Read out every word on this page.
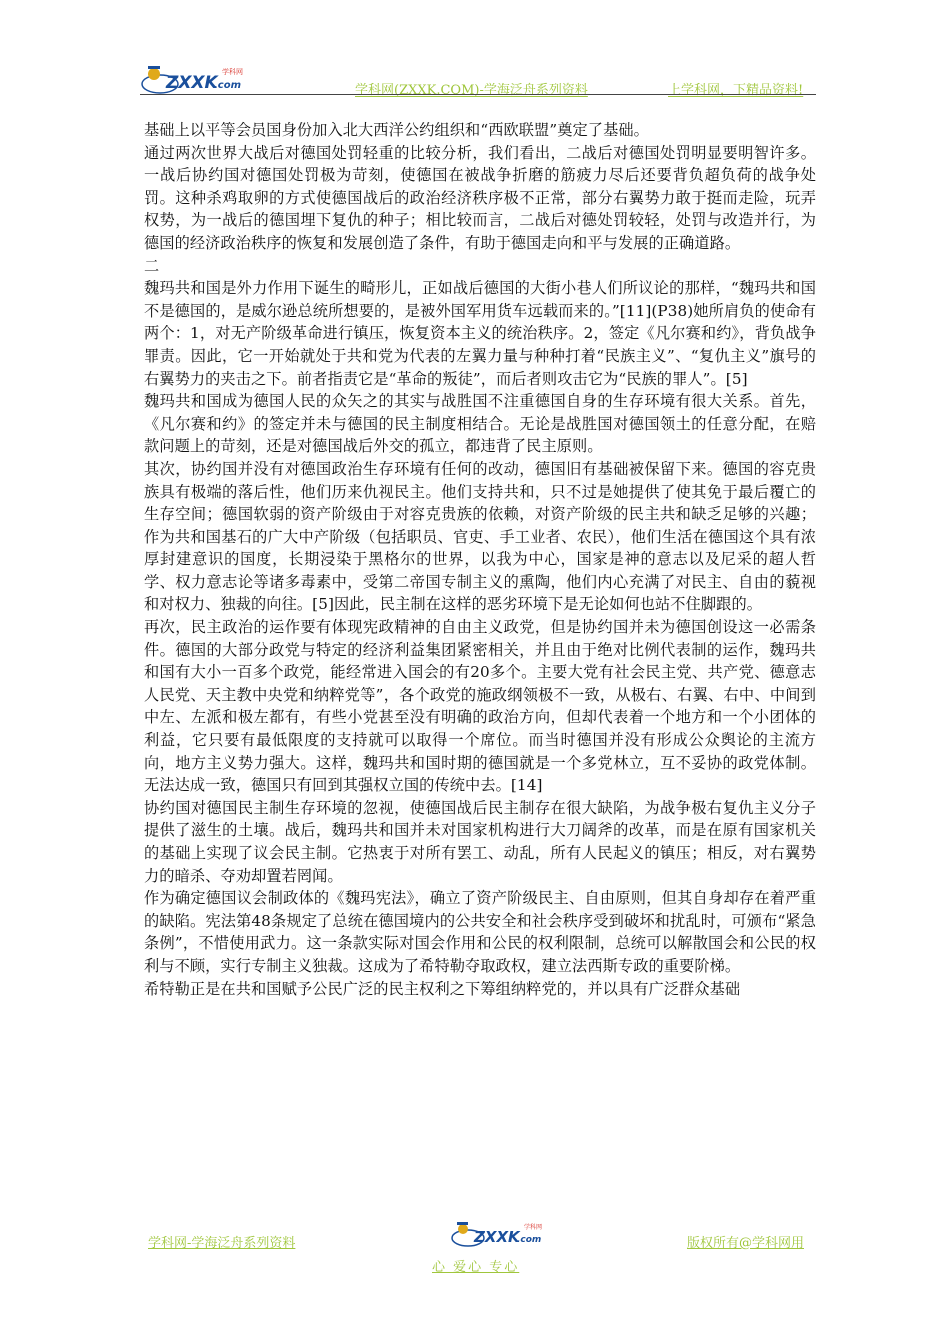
ZXXK
.com
学科网
学科网(ZXXK.COM)-学海泛舟系列资料	上学科网，下精品资料!

基础上以平等会员国身份加入北大西洋公约组织和“西欧联盟”奠定了基础。

通过两次世界大战后对德国处罚轻重的比较分析，我们看出，二战后对德国处罚明显要明智许多。一战后协约国对德国处罚极为苛刻，使德国在被战争折磨的筋疲力尽后还要背负超负荷的战争处罚。这种杀鸡取卵的方式使德国战后的政治经济秩序极不正常，部分右翼势力敢于挺而走险，玩弄权势，为一战后的德国埋下复仇的种子；相比较而言，二战后对德处罚较轻，处罚与改造并行，为德国的经济政治秩序的恢复和发展创造了条件，有助于德国走向和平与发展的正确道路。

二

魏玛共和国是外力作用下诞生的畸形儿，正如战后德国的大街小巷人们所议论的那样，“魏玛共和国不是德国的，是威尔逊总统所想要的，是被外国军用货车远载而来的。”[11](P38)她所肩负的使命有两个：1，对无产阶级革命进行镇压，恢复资本主义的统治秩序。2，签定《凡尔赛和约》，背负战争罪责。因此，它一开始就处于共和党为代表的左翼力量与种种打着“民族主义”、“复仇主义”旗号的右翼势力的夹击之下。前者指责它是“革命的叛徒”，而后者则攻击它为“民族的罪人”。[5]

魏玛共和国成为德国人民的众矢之的其实与战胜国不注重德国自身的生存环境有很大关系。首先，《凡尔赛和约》的签定并未与德国的民主制度相结合。无论是战胜国对德国领土的任意分配，在赔款问题上的苛刻，还是对德国战后外交的孤立，都违背了民主原则。

其次，协约国并没有对德国政治生存环境有任何的改动，德国旧有基础被保留下来。德国的容克贵族具有极端的落后性，他们历来仇视民主。他们支持共和，只不过是她提供了使其免于最后覆亡的生存空间；德国软弱的资产阶级由于对容克贵族的依赖，对资产阶级的民主共和缺乏足够的兴趣；作为共和国基石的广大中产阶级（包括职员、官吏、手工业者、农民），他们生活在德国这个具有浓厚封建意识的国度，长期浸染于黑格尔的世界，以我为中心，国家是神的意志以及尼采的超人哲学、权力意志论等诸多毒素中，受第二帝国专制主义的熏陶，他们内心充满了对民主、自由的藐视和对权力、独裁的向往。[5]因此，民主制在这样的恶劣环境下是无论如何也站不住脚跟的。

再次，民主政治的运作要有体现宪政精神的自由主义政党，但是协约国并未为德国创设这一必需条件。德国的大部分政党与特定的经济利益集团紧密相关，并且由于绝对比例代表制的运作，魏玛共和国有大小一百多个政党，能经常进入国会的有20多个。主要大党有社会民主党、共产党、德意志人民党、天主教中央党和纳粹党等”，各个政党的施政纲领极不一致，从极右、右翼、右中、中间到中左、左派和极左都有，有些小党甚至没有明确的政治方向，但却代表着一个地方和一个小团体的利益，它只要有最低限度的支持就可以取得一个席位。而当时德国并没有形成公众舆论的主流方向，地方主义势力强大。这样，魏玛共和国时期的德国就是一个多党林立，互不妥协的政党体制。无法达成一致，德国只有回到其强权立国的传统中去。[14]

协约国对德国民主制生存环境的忽视，使德国战后民主制存在很大缺陷，为战争极右复仇主义分子提供了滋生的土壤。战后，魏玛共和国并未对国家机构进行大刀阔斧的改革，而是在原有国家机关的基础上实现了议会民主制。它热衷于对所有罢工、动乱，所有人民起义的镇压；相反，对右翼势力的暗杀、夺劝却置若罔闻。

作为确定德国议会制政体的《魏玛宪法》，确立了资产阶级民主、自由原则，但其自身却存在着严重的缺陷。宪法第48条规定了总统在德国境内的公共安全和社会秩序受到破坏和扰乱时，可颁布“紧急条例”，不惜使用武力。这一条款实际对国会作用和公民的权利限制，总统可以解散国会和公民的权利与不顾，实行专制主义独裁。这成为了希特勒夺取政权，建立法西斯专政的重要阶梯。

希特勒正是在共和国赋予公民广泛的民主权利之下筹组纳粹党的，并以具有广泛群众基础

学科网-学海泛舟系列资料	ZXXK
.com
学科网
版权所有@学科网用
心 爱心 专心
